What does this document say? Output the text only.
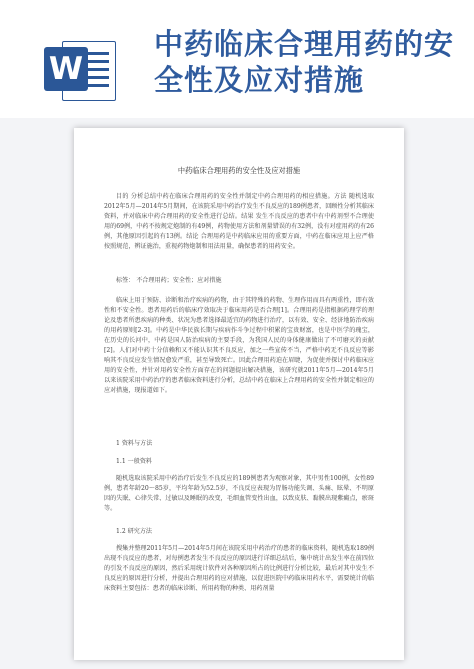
W
中药临床合理用药的安全性及应对措施
中药临床合理用药的安全性及应对措施

目的 分析总结中药在临床合理用药的安全性并制定中药合理用药的相应措施。方法 随机选取2012年5月—2014年5月期间，在该院采用中药治疗发生不良反应的189例患者，回顾性分析其临床资料，并对临床中药合理用药的安全性进行总结。结果 发生不良反应的患者中有中药剂型不合理使用的69例，中药不按规定炮制的有49例，药物使用方法和剂量错误的有32例，没有对症用药的有26例，其他原因引起的有13例。结论 合理用药是中药临床应用的重要方面，中药在临床应用上应严格按照规范，辨证施治，重视药物炮制和用法用量，确保患者的用药安全。

标签： 不合理用药；安全性；应对措施

临床上用于预防、诊断和治疗疾病的药物，由于其特殊的药物、生理作用而具有两重性，即有效性和不安全性。患者用药后的临床疗效取决于临床用药是否合理[1]。合理用药是指根据药理学的理论及患者所患疾病的种类、状况为患者选择最适宜的药物进行治疗，以有效、安全、经济地防治疾病的用药原则[2-3]。中药是中华民族长期与疾病作斗争过程中积累的宝贵财富，也是中医学的瑰宝，在历史的长河中，中药是国人防治疾病的主要手段，为我国人民的身体健康做出了不可磨灭的贡献[2]。人们对中药十分信赖和又不能认识其不良反应，加之一些宣传不当，严格中药无不良反应等影响其不良反应发生情况愈发严重，甚至导致死亡。因此合理用药迫在眉睫，为促使并探讨中药临床应用的安全性，并针对用药安全性方面存在的问题提出解决措施，该研究就2011年5月—2014年5月以来该院采用中药治疗的患者临床资料进行分析，总结中药在临床上合理用药的安全性并制定相应的应对措施，现报道如下。

1 资料与方法
1.1 一般资料

随机选取该院采用中药治疗后发生不良反应的189例患者为观察对象，其中男性100例，女性89例，患者年龄20～85岁，平均年龄为52.5岁，不良反应表现为胃肠功能失调、头痛、眩晕、不明原因的失眠、心律失常、过敏以及睡眠的改变，毛细血管变性出血，以致皮肤、黏膜出现紫癜点，瘀斑等。

1.2 研究方法

搜集并整理2011年5月—2014年5月间在该院采用中药治疗的患者的临床资料，随机选取189例出现不良反应的患者，对每例患者发生不良反应的原因进行详细总结后，集中统计出发生率在前四位的引发不良反应的原因，然后采用统计软件对各种原因所占的比例进行分析比较，最后对其中发生不良反应的原因进行分析，并提出合理用药的应对措施，以促进医院中药临床用药水平，需要统计的临床资料主要包括：患者的临床诊断、所用药物的种类、用药剂量
